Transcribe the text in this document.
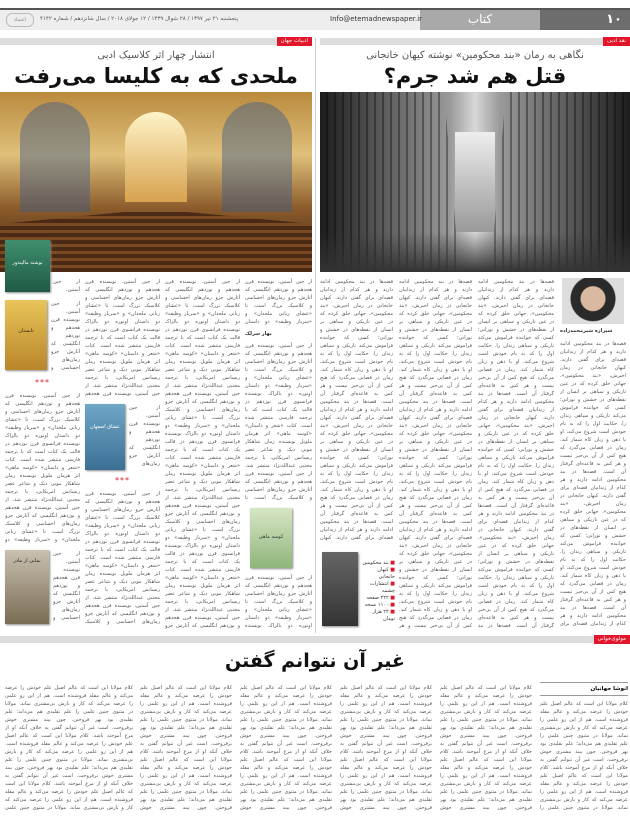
۱۰
کتاب
Info@etemadnewspaper.ir
پنجشنبه ۲۱ تیر ۱۳۹۷ / ۲۸ شوال ۱۴۳۹ / ۱۲ جولای ۲۰۱۸ / سال شانزدهم / شماره ۴۱۴۲
اعتماد
نقد ادبی
نگاهی به رمان «بند محکومین» نوشته کیهان خانجانی
قتل هم شد جرم؟
شیرازه شیرمحمدزاده
قصه‌ها در بند محکومین ادامه دارند و هر کدام از زندانیان قصه‌ای برای گفتن دارند. کیهان خانجانی در رمان اخیرش، «بند محکومین»، جهانی خلق کرده که در عین تاریکی و سیاهی بر انسان از نقطه‌های در خشش و نورانی؛ کسی که خواننده فراموش می‌کند تاریکی و سیاهی زندان را. حکایت اول را که به نام خودش است شروع می‌کند، او با ذهن و زبان کاه شمار کند. رمان در فضایی می‌گذرد که هیچ کس از آن بی‌خبر نیست و هر کس به قاعده‌ای گرفتار آن است. قصه‌ها در بند محکومین ادامه دارند و هر کدام از زندانیان قصه‌ای برای گفتن دارند. کیهان خانجانی در رمان اخیرش، «بند محکومین»، جهانی خلق کرده که در عین تاریکی و سیاهی بر انسان از نقطه‌های در خشش و نورانی؛ کسی که خواننده فراموش می‌کند تاریکی و سیاهی زندان را. حکایت اول را که به نام خودش است شروع می‌کند، او با ذهن و زبان کاه شمار کند. رمان در فضایی می‌گذرد که هیچ کس از آن بی‌خبر نیست و هر کس به قاعده‌ای گرفتار آن است. قصه‌ها در بند محکومین ادامه دارند و هر کدام از زندانیان قصه‌ای برای
قصه‌ها در بند محکومین ادامه دارند و هر کدام از زندانیان قصه‌ای برای گفتن دارند. کیهان خانجانی در رمان اخیرش، «بند محکومین»، جهانی خلق کرده که در عین تاریکی و سیاهی بر انسان از نقطه‌های در خشش و نورانی؛ کسی که خواننده فراموش می‌کند تاریکی و سیاهی زندان را. حکایت اول را که به نام خودش است شروع می‌کند، او با ذهن و زبان کاه شمار کند. رمان در فضایی می‌گذرد که هیچ کس از آن بی‌خبر نیست و هر کس به قاعده‌ای گرفتار آن است. قصه‌ها در بند محکومین ادامه دارند و هر کدام از زندانیان قصه‌ای برای گفتن دارند. کیهان خانجانی در رمان اخیرش، «بند محکومین»، جهانی خلق کرده که در عین تاریکی و سیاهی بر انسان از نقطه‌های در خشش و نورانی؛ کسی که خواننده فراموش می‌کند تاریکی و سیاهی زندان را. حکایت اول را که به نام خودش است شروع می‌کند، او با ذهن و زبان کاه شمار کند. رمان در فضایی می‌گذرد که هیچ کس از آن بی‌خبر نیست و هر کس به قاعده‌ای گرفتار آن است. قصه‌ها در بند محکومین ادامه دارند و هر کدام از زندانیان قصه‌ای برای گفتن دارند. کیهان خانجانی در رمان اخیرش، «بند محکومین»، جهانی خلق کرده که در عین تاریکی و سیاهی بر انسان از نقطه‌های در خشش و نورانی؛ کسی که خواننده فراموش می‌کند تاریکی و سیاهی زندان را. حکایت اول را که به نام خودش است شروع می‌کند، او با ذهن و زبان کاه شمار کند. رمان در فضایی می‌گذرد که هیچ کس از آن بی‌خبر نیست و هر کس به قاعده‌ای گرفتار آن است. قصه‌ها در بند
قصه‌ها در بند محکومین ادامه دارند و هر کدام از زندانیان قصه‌ای برای گفتن دارند. کیهان خانجانی در رمان اخیرش، «بند محکومین»، جهانی خلق کرده که در عین تاریکی و سیاهی بر انسان از نقطه‌های در خشش و نورانی؛ کسی که خواننده فراموش می‌کند تاریکی و سیاهی زندان را. حکایت اول را که به نام خودش است شروع می‌کند، او با ذهن و زبان کاه شمار کند. رمان در فضایی می‌گذرد که هیچ کس از آن بی‌خبر نیست و هر کس به قاعده‌ای گرفتار آن است. قصه‌ها در بند محکومین ادامه دارند و هر کدام از زندانیان قصه‌ای برای گفتن دارند. کیهان خانجانی در رمان اخیرش، «بند محکومین»، جهانی خلق کرده که در عین تاریکی و سیاهی بر انسان از نقطه‌های در خشش و نورانی؛ کسی که خواننده فراموش می‌کند تاریکی و سیاهی زندان را. حکایت اول را که به نام خودش است شروع می‌کند، او با ذهن و زبان کاه شمار کند. رمان در فضایی می‌گذرد که هیچ کس از آن بی‌خبر نیست و هر کس به قاعده‌ای گرفتار آن است. قصه‌ها در بند محکومین ادامه دارند و هر کدام از زندانیان قصه‌ای برای گفتن دارند. کیهان خانجانی در رمان اخیرش، «بند محکومین»، جهانی خلق کرده که در عین تاریکی و سیاهی بر انسان از نقطه‌های در خشش و نورانی؛ کسی که خواننده فراموش می‌کند تاریکی و سیاهی زندان را. حکایت اول را که به نام خودش است شروع می‌کند، او با ذهن و زبان کاه شمار کند. رمان در فضایی می‌گذرد که هیچ کس از آن بی‌خبر نیست و هر
قصه‌ها در بند محکومین ادامه دارند و هر کدام از زندانیان قصه‌ای برای گفتن دارند. کیهان خانجانی در رمان اخیرش، «بند محکومین»، جهانی خلق کرده که در عین تاریکی و سیاهی بر انسان از نقطه‌های در خشش و نورانی؛ کسی که خواننده فراموش می‌کند تاریکی و سیاهی زندان را. حکایت اول را که به نام خودش است شروع می‌کند، او با ذهن و زبان کاه شمار کند. رمان در فضایی می‌گذرد که هیچ کس از آن بی‌خبر نیست و هر کس به قاعده‌ای گرفتار آن است. قصه‌ها در بند محکومین ادامه دارند و هر کدام از زندانیان قصه‌ای برای گفتن دارند. کیهان خانجانی در رمان اخیرش، «بند محکومین»، جهانی خلق کرده که در عین تاریکی و سیاهی بر انسان از نقطه‌های در خشش و نورانی؛ کسی که خواننده فراموش می‌کند تاریکی و سیاهی زندان را. حکایت اول را که به نام خودش است شروع می‌کند، او با ذهن و زبان کاه شمار کند. رمان در فضایی می‌گذرد که هیچ کس از آن بی‌خبر نیست و هر کس به قاعده‌ای گرفتار آن است. قصه‌ها در بند محکومین ادامه دارند و هر کدام از زندانیان قصه‌ای برای گفتن دارند. کیهان
■ بند محکومین
■ کیهان خانجانی
■ انتشارات چشمه
■ ۲۲۲ صفحه
■ ۱۱۰۰ نسخه
■ ۲۴ هزار تومان
ادبیات جهان
انتشار چهار اثر کلاسیک ادبی
ملحدی که به کلیسا می‌رفت
از جین آستین، نویسنده قرن هجدهم و نوزدهم انگلیسی که آثارش جزو رمان‌های احساسی و کلاسیک بزرگ است، تا «عشای ربانی ملحدان» و «سرباز وظیفه» دو داستان
بهار سرلک
از جین آستین، نویسنده قرن هجدهم و نوزدهم انگلیسی که آثارش جزو رمان‌های احساسی و کلاسیک بزرگ است، تا «عشای ربانی ملحدان» و «سرباز وظیفه» دو داستان اونوره دو بالزاک نویسنده فرانسوی قرن نوزدهم در قالب یک کتاب است که با ترجمه فارسی منتشر شده است. کتاب «شعر و داستان» «کوسه ماهی» اثر هرمان ملویل نویسنده رمان شاهکار موبی دیک و شاعر عصر رنسانس امریکایی، با ترجمه مجتبی عبدالله‌نژاد منتشر شد. از جین آستین، نویسنده قرن هجدهم و نوزدهم انگلیسی که آثارش جزو رمان‌های احساسی و کلاسیک بزرگ است، تا
کوسه ماهی
از جین آستین، نویسنده قرن هجدهم و نوزدهم انگلیسی که آثارش جزو رمان‌های احساسی و کلاسیک بزرگ است، تا «عشای ربانی ملحدان» و «سرباز وظیفه» دو داستان اونوره دو بالزاک نویسنده
از جین آستین، نویسنده قرن هجدهم و نوزدهم انگلیسی که آثارش جزو رمان‌های احساسی و کلاسیک بزرگ است، تا «عشای ربانی ملحدان» و «سرباز وظیفه» دو داستان اونوره دو بالزاک نویسنده فرانسوی قرن نوزدهم در قالب یک کتاب است که با ترجمه فارسی منتشر شده است. کتاب «شعر و داستان» «کوسه ماهی» اثر هرمان ملویل نویسنده رمان شاهکار موبی دیک و شاعر عصر رنسانس امریکایی، با ترجمه مجتبی عبدالله‌نژاد منتشر شد. از جین آستین، نویسنده قرن هجدهم و نوزدهم انگلیسی که آثارش جزو رمان‌های احساسی و کلاسیک بزرگ است، تا «عشای ربانی ملحدان» و «سرباز وظیفه» دو داستان اونوره دو بالزاک نویسنده فرانسوی قرن نوزدهم در قالب یک کتاب است که با ترجمه فارسی منتشر شده است. کتاب «شعر و داستان» «کوسه ماهی» اثر هرمان ملویل نویسنده رمان شاهکار موبی دیک و شاعر عصر رنسانس امریکایی، با ترجمه مجتبی عبدالله‌نژاد منتشر شد. از جین آستین، نویسنده قرن هجدهم و نوزدهم انگلیسی که آثارش جزو رمان‌های احساسی و کلاسیک بزرگ است، تا «عشای ربانی ملحدان» و «سرباز وظیفه» دو داستان اونوره دو بالزاک نویسنده فرانسوی قرن نوزدهم در قالب یک کتاب است که با ترجمه فارسی منتشر شده است. کتاب «شعر و داستان» «کوسه ماهی» اثر هرمان ملویل نویسنده رمان شاهکار موبی دیک و شاعر عصر رنسانس امریکایی، با ترجمه مجتبی عبدالله‌نژاد منتشر شد. از جین آستین، نویسنده قرن هجدهم و نوزدهم انگلیسی که آثارش جزو
از جین آستین، نویسنده قرن هجدهم و نوزدهم انگلیسی که آثارش جزو رمان‌های احساسی و کلاسیک بزرگ است، تا «عشای ربانی ملحدان» و «سرباز وظیفه» دو داستان اونوره دو بالزاک نویسنده فرانسوی قرن نوزدهم در قالب یک کتاب است که با ترجمه فارسی منتشر شده است. کتاب «شعر و داستان» «کوسه ماهی» اثر هرمان ملویل نویسنده رمان شاهکار موبی دیک و شاعر عصر رنسانس امریکایی، با ترجمه مجتبی عبدالله‌نژاد منتشر شد. از جین آستین، نویسنده قرن هجدهم
عشاق اصفهان
از جین آستین، نویسنده قرن هجدهم و نوزدهم انگلیسی که آثارش جزو رمان‌های
***
از جین آستین، نویسنده قرن هجدهم و نوزدهم انگلیسی که آثارش جزو رمان‌های احساسی و کلاسیک بزرگ است، تا «عشای ربانی ملحدان» و «سرباز وظیفه» دو داستان اونوره دو بالزاک نویسنده فرانسوی قرن نوزدهم در قالب یک کتاب است که با ترجمه فارسی منتشر شده است. کتاب «شعر و داستان» «کوسه ماهی» اثر هرمان ملویل نویسنده رمان شاهکار موبی دیک و شاعر عصر رنسانس امریکایی، با ترجمه مجتبی عبدالله‌نژاد منتشر شد. از جین آستین، نویسنده قرن هجدهم و نوزدهم انگلیسی که آثارش جزو رمان‌های احساسی و کلاسیک
نوشته مالیندور
از جین آستین،
تابستان
از جین آستین، نویسنده قرن هجدهم و نوزدهم انگلیسی که آثارش جزو رمان‌های احساسی و
***
از جین آستین، نویسنده قرن هجدهم و نوزدهم انگلیسی که آثارش جزو رمان‌های احساسی و کلاسیک بزرگ است، تا «عشای ربانی ملحدان» و «سرباز وظیفه» دو داستان اونوره دو بالزاک نویسنده فرانسوی قرن نوزدهم در قالب یک کتاب است که با ترجمه فارسی منتشر شده است. کتاب «شعر و داستان» «کوسه ماهی» اثر هرمان ملویل نویسنده رمان شاهکار موبی دیک و شاعر عصر رنسانس امریکایی، با ترجمه مجتبی عبدالله‌نژاد منتشر شد. از جین آستین، نویسنده قرن هجدهم و نوزدهم انگلیسی که آثارش جزو رمان‌های احساسی و کلاسیک بزرگ است، تا «عشای ربانی ملحدان» و «سرباز وظیفه» دو
نمایی از مادر
از جین آستین، نویسنده قرن هجدهم و نوزدهم انگلیسی که آثارش جزو رمان‌های احساسی و
مولوی‌خوانی
غیر آن نتوانم گفتن
انوشا جهانیان
کلام مولانا این است که عالم اصیل علم خودش را عرضه می‌کند و عالم مقلد فروشنده است. هم از این رو علمی را عرضه می‌کند که کار و بارش بی‌مشتری نماند. مولانا در مثنوی چنین علمی را علم تقلیدی هم می‌داند؛ علم تقلیدی بود بهر فروختن. چون بیند مشتری خوش برفروخت. است غیر آن نتوانم گفتن به خلاف آنکه او از مرغ آموخته باشد. کلام مولانا این است که عالم اصیل علم خودش را عرضه می‌کند و عالم مقلد فروشنده است. هم از این رو علمی را عرضه می‌کند که کار و بارش بی‌مشتری نماند. مولانا در مثنوی چنین علمی را
کلام مولانا این است که عالم اصیل علم خودش را عرضه می‌کند و عالم مقلد فروشنده است. هم از این رو علمی را عرضه می‌کند که کار و بارش بی‌مشتری نماند. مولانا در مثنوی چنین علمی را علم تقلیدی هم می‌داند؛ علم تقلیدی بود بهر فروختن. چون بیند مشتری خوش برفروخت. است غیر آن نتوانم گفتن به خلاف آنکه او از مرغ آموخته باشد. کلام مولانا این است که عالم اصیل علم خودش را عرضه می‌کند و عالم مقلد فروشنده است. هم از این رو علمی را عرضه می‌کند که کار و بارش بی‌مشتری نماند. مولانا در مثنوی چنین علمی را علم تقلیدی هم می‌داند؛ علم تقلیدی بود بهر فروختن. چون بیند مشتری خوش
کلام مولانا این است که عالم اصیل علم خودش را عرضه می‌کند و عالم مقلد فروشنده است. هم از این رو علمی را عرضه می‌کند که کار و بارش بی‌مشتری نماند. مولانا در مثنوی چنین علمی را علم تقلیدی هم می‌داند؛ علم تقلیدی بود بهر فروختن. چون بیند مشتری خوش برفروخت. است غیر آن نتوانم گفتن به خلاف آنکه او از مرغ آموخته باشد. کلام مولانا این است که عالم اصیل علم خودش را عرضه می‌کند و عالم مقلد فروشنده است. هم از این رو علمی را عرضه می‌کند که کار و بارش بی‌مشتری نماند. مولانا در مثنوی چنین علمی را علم تقلیدی هم می‌داند؛ علم تقلیدی بود بهر فروختن. چون بیند مشتری خوش
کلام مولانا این است که عالم اصیل علم خودش را عرضه می‌کند و عالم مقلد فروشنده است. هم از این رو علمی را عرضه می‌کند که کار و بارش بی‌مشتری نماند. مولانا در مثنوی چنین علمی را علم تقلیدی هم می‌داند؛ علم تقلیدی بود بهر فروختن. چون بیند مشتری خوش برفروخت. است غیر آن نتوانم گفتن به خلاف آنکه او از مرغ آموخته باشد. کلام مولانا این است که عالم اصیل علم خودش را عرضه می‌کند و عالم مقلد فروشنده است. هم از این رو علمی را عرضه می‌کند که کار و بارش بی‌مشتری نماند. مولانا در مثنوی چنین علمی را علم تقلیدی هم می‌داند؛ علم تقلیدی بود بهر فروختن. چون بیند مشتری خوش
کلام مولانا این است که عالم اصیل علم خودش را عرضه می‌کند و عالم مقلد فروشنده است. هم از این رو علمی را عرضه می‌کند که کار و بارش بی‌مشتری نماند. مولانا در مثنوی چنین علمی را علم تقلیدی هم می‌داند؛ علم تقلیدی بود بهر فروختن. چون بیند مشتری خوش برفروخت. است غیر آن نتوانم گفتن به خلاف آنکه او از مرغ آموخته باشد. کلام مولانا این است که عالم اصیل علم خودش را عرضه می‌کند و عالم مقلد فروشنده است. هم از این رو علمی را عرضه می‌کند که کار و بارش بی‌مشتری نماند. مولانا در مثنوی چنین علمی را علم تقلیدی هم می‌داند؛ علم تقلیدی بود بهر فروختن. چون بیند مشتری خوش
کلام مولانا این است که عالم اصیل علم خودش را عرضه می‌کند و عالم مقلد فروشنده است. هم از این رو علمی را عرضه می‌کند که کار و بارش بی‌مشتری نماند. مولانا در مثنوی چنین علمی را علم تقلیدی هم می‌داند؛ علم تقلیدی بود بهر فروختن. چون بیند مشتری خوش برفروخت. است غیر آن نتوانم گفتن به خلاف آنکه او از مرغ آموخته باشد. کلام مولانا این است که عالم اصیل علم خودش را عرضه می‌کند و عالم مقلد فروشنده است. هم از این رو علمی را عرضه می‌کند که کار و بارش بی‌مشتری نماند. مولانا در مثنوی چنین علمی را علم تقلیدی هم می‌داند؛ علم تقلیدی بود بهر فروختن. چون بیند مشتری خوش برفروخت. است غیر آن نتوانم گفتن به خلاف آنکه او از مرغ آموخته باشد. کلام مولانا این است که عالم اصیل علم خودش را عرضه می‌کند و عالم مقلد فروشنده است. هم از این رو علمی را عرضه می‌کند که کار و بارش بی‌مشتری نماند. مولانا در مثنوی چنین علمی
